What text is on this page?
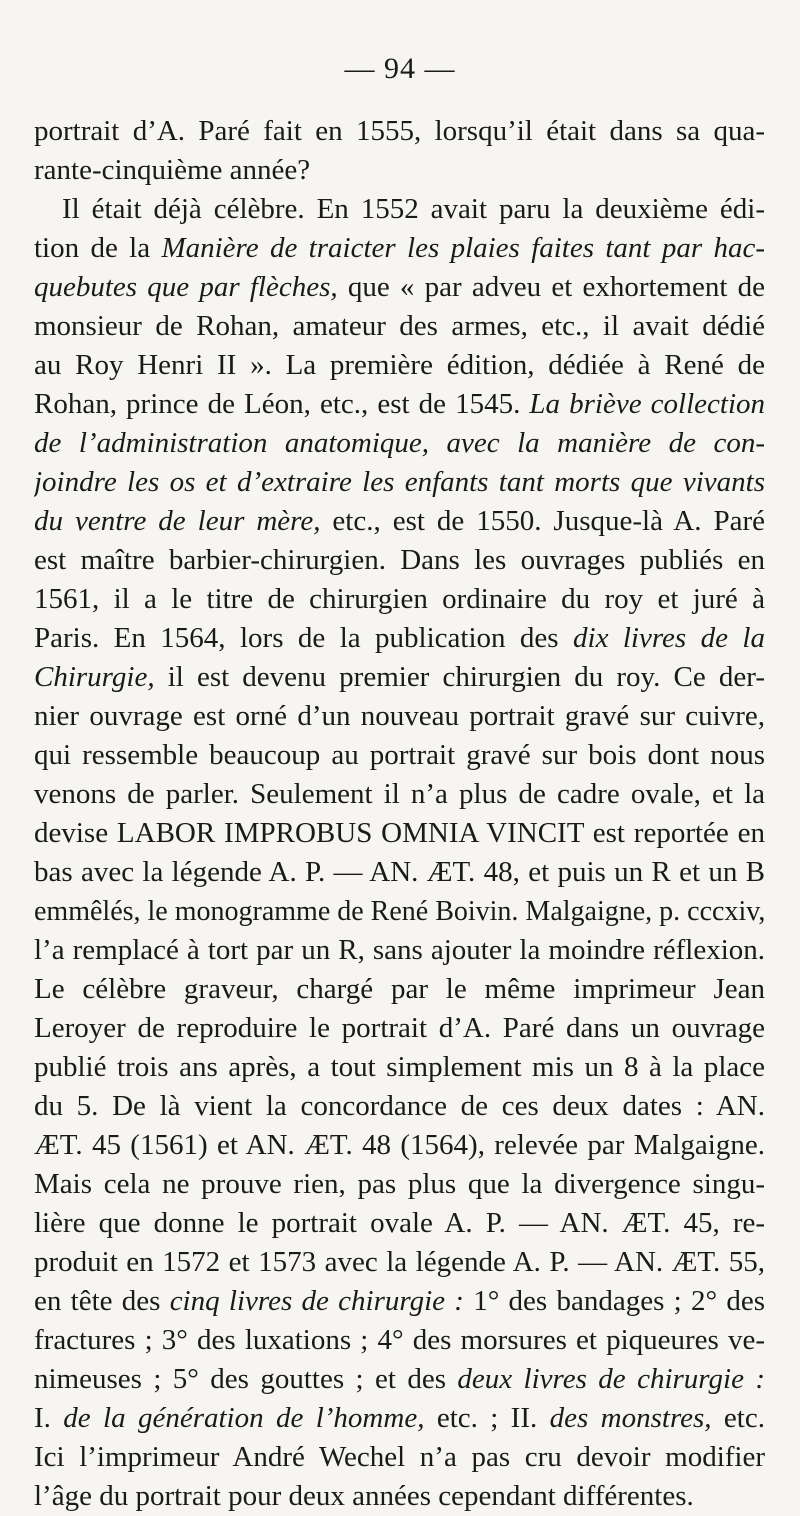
— 94 —
portrait d’A. Paré fait en 1555, lorsqu’il était dans sa qua-
rante-cinquième année?
Il était déjà célèbre. En 1552 avait paru la deuxième édi-
tion de la Manière de traicter les plaies faites tant par hac-
quebutes que par flèches, que « par adveu et exhortement de
monsieur de Rohan, amateur des armes, etc., il avait dédié
au Roy Henri II ». La première édition, dédiée à René de
Rohan, prince de Léon, etc., est de 1545. La briève collection
de l’administration anatomique, avec la manière de con-
joindre les os et d’extraire les enfants tant morts que vivants
du ventre de leur mère, etc., est de 1550. Jusque-là A. Paré
est maître barbier-chirurgien. Dans les ouvrages publiés en
1561, il a le titre de chirurgien ordinaire du roy et juré à
Paris. En 1564, lors de la publication des dix livres de la
Chirurgie, il est devenu premier chirurgien du roy. Ce der-
nier ouvrage est orné d’un nouveau portrait gravé sur cuivre,
qui ressemble beaucoup au portrait gravé sur bois dont nous
venons de parler. Seulement il n’a plus de cadre ovale, et la
devise LABOR IMPROBUS OMNIA VINCIT est reportée en
bas avec la légende A. P. — AN. ÆT. 48, et puis un R et un B
emmêlés, le monogramme de René Boivin. Malgaigne, p. cccxiv,
l’a remplacé à tort par un R, sans ajouter la moindre réflexion.
Le célèbre graveur, chargé par le même imprimeur Jean
Leroyer de reproduire le portrait d’A. Paré dans un ouvrage
publié trois ans après, a tout simplement mis un 8 à la place
du 5. De là vient la concordance de ces deux dates : AN.
ÆT. 45 (1561) et AN. ÆT. 48 (1564), relevée par Malgaigne.
Mais cela ne prouve rien, pas plus que la divergence singu-
lière que donne le portrait ovale A. P. — AN. ÆT. 45, re-
produit en 1572 et 1573 avec la légende A. P. — AN. ÆT. 55,
en tête des cinq livres de chirurgie : 1° des bandages ; 2° des
fractures ; 3° des luxations ; 4° des morsures et piqueures ve-
nimeuses ; 5° des gouttes ; et des deux livres de chirurgie :
I. de la génération de l’homme, etc. ; II. des monstres, etc.
Ici l’imprimeur André Wechel n’a pas cru devoir modifier
l’âge du portrait pour deux années cependant différentes.
